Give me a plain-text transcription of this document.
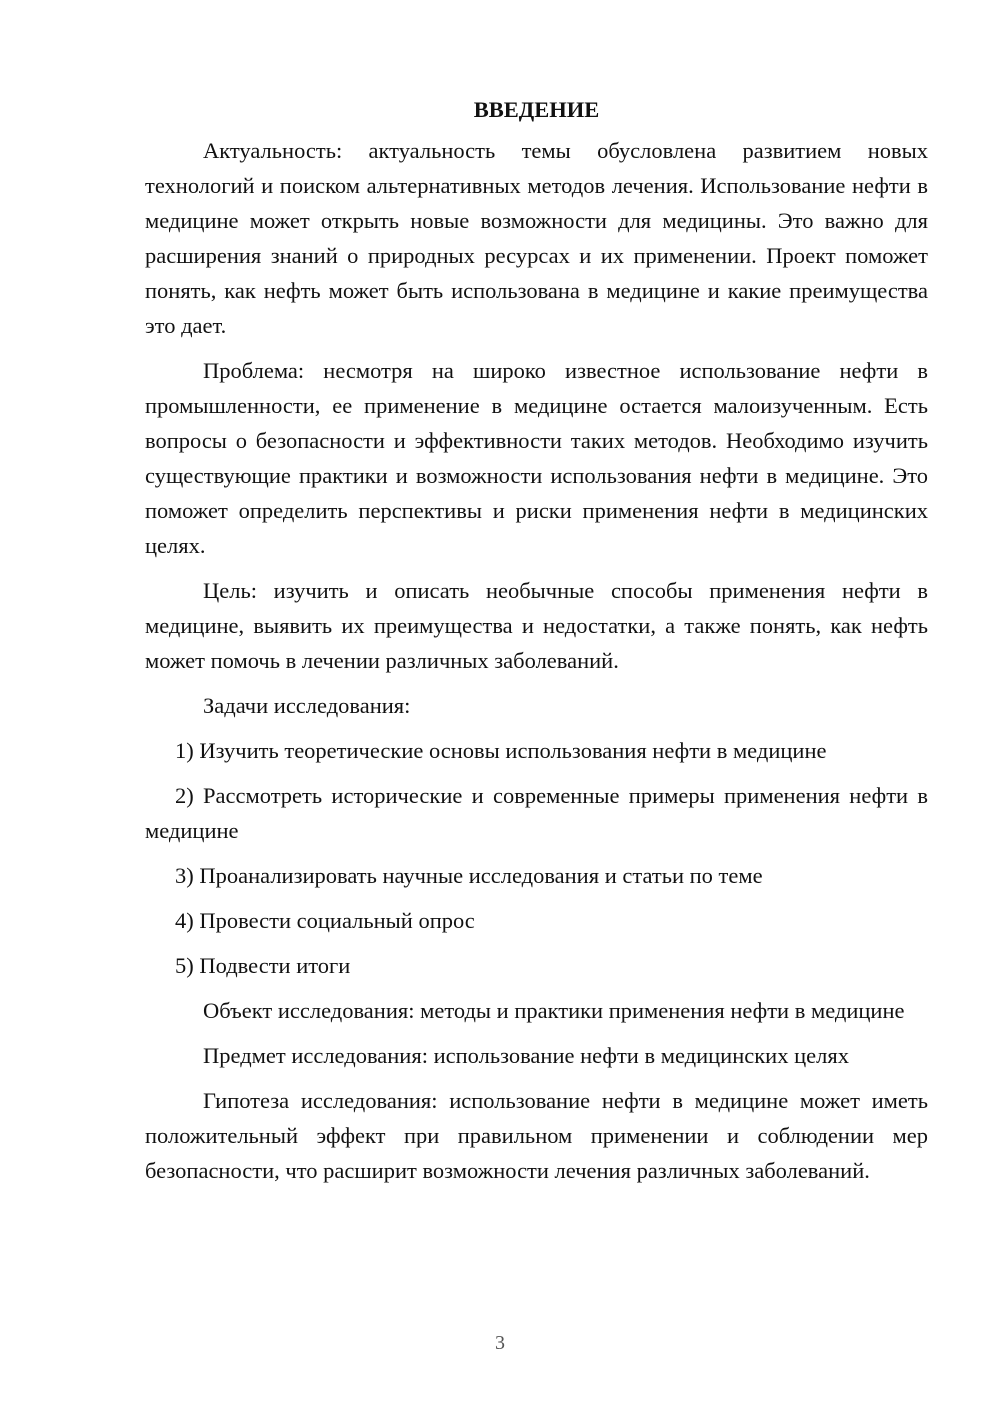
ВВЕДЕНИЕ

Актуальность: актуальность темы обусловлена развитием новых технологий и поиском альтернативных методов лечения. Использование нефти в медицине может открыть новые возможности для медицины. Это важно для расширения знаний о природных ресурсах и их применении. Проект поможет понять, как нефть может быть использована в медицине и какие преимущества это дает.

Проблема: несмотря на широко известное использование нефти в промышленности, ее применение в медицине остается малоизученным. Есть вопросы о безопасности и эффективности таких методов. Необходимо изучить существующие практики и возможности использования нефти в медицине. Это поможет определить перспективы и риски применения нефти в медицинских целях.

Цель: изучить и описать необычные способы применения нефти в медицине, выявить их преимущества и недостатки, а также понять, как нефть может помочь в лечении различных заболеваний.

Задачи исследования:

1) Изучить теоретические основы использования нефти в медицине

2) Рассмотреть исторические и современные примеры применения нефти в медицине

3) Проанализировать научные исследования и статьи по теме

4) Провести социальный опрос

5) Подвести итоги

Объект исследования: методы и практики применения нефти в медицине

Предмет исследования: использование нефти в медицинских целях

Гипотеза исследования: использование нефти в медицине может иметь положительный эффект при правильном применении и соблюдении мер безопасности, что расширит возможности лечения различных заболеваний.

3
